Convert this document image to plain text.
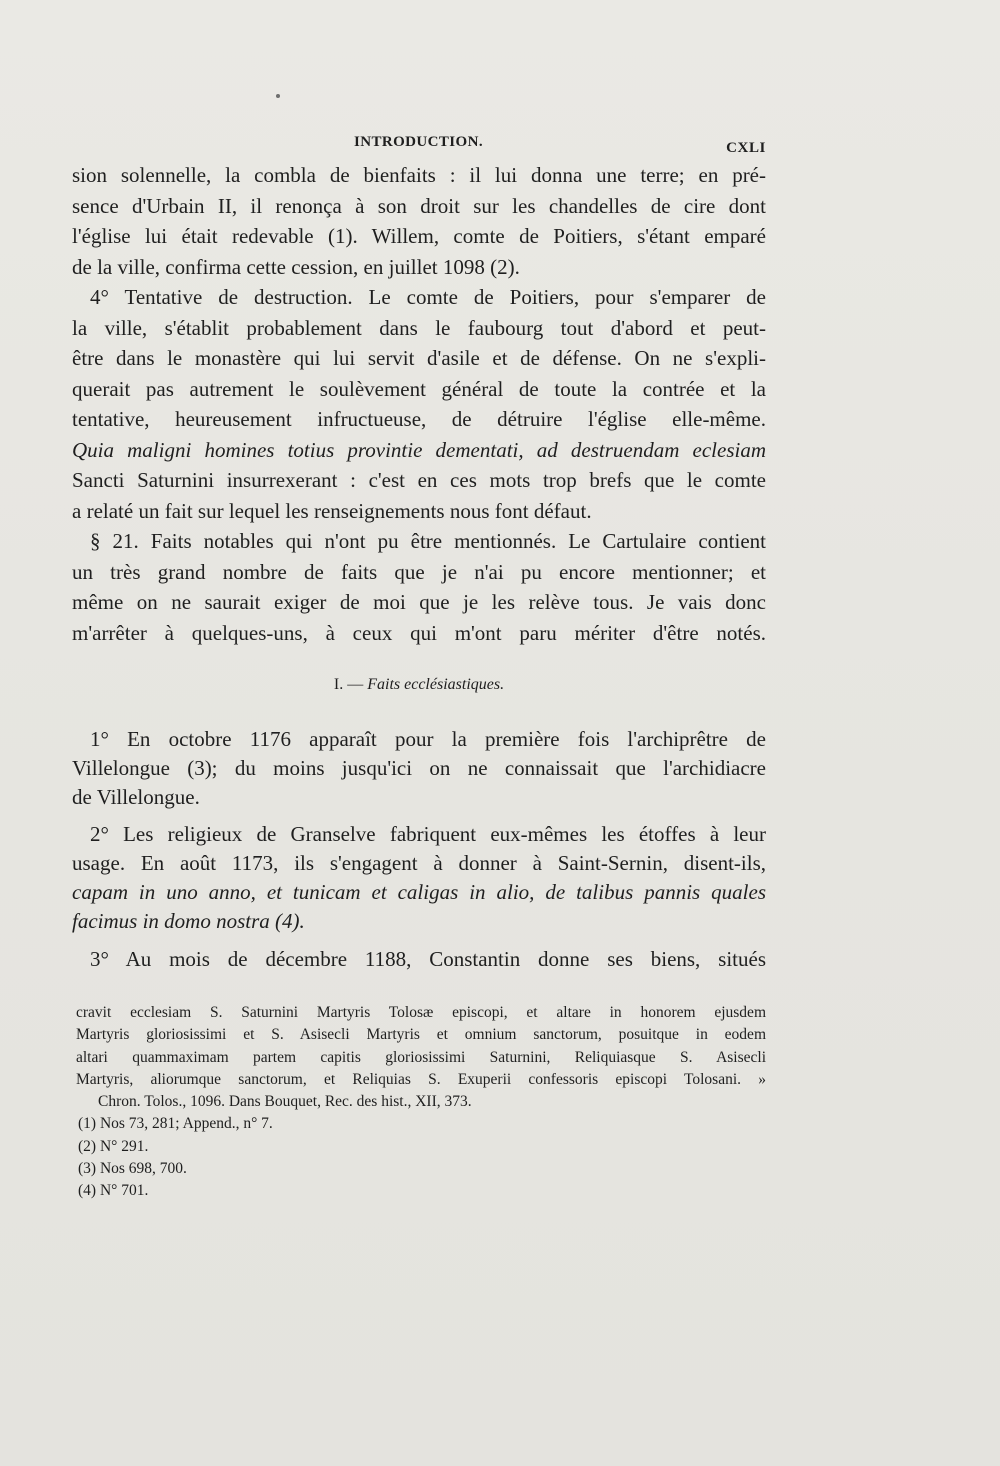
INTRODUCTION.	CXLI
sion solennelle, la combla de bienfaits : il lui donna une terre; en pré-
sence d'Urbain II, il renonça à son droit sur les chandelles de cire dont
l'église lui était redevable (1). Willem, comte de Poitiers, s'étant emparé
de la ville, confirma cette cession, en juillet 1098 (2).
4° Tentative de destruction. Le comte de Poitiers, pour s'emparer de
la ville, s'établit probablement dans le faubourg tout d'abord et peut-
être dans le monastère qui lui servit d'asile et de défense. On ne s'expli-
querait pas autrement le soulèvement général de toute la contrée et la
tentative, heureusement infructueuse, de détruire l'église elle-même.
Quia maligni homines totius provintie dementati, ad destruendam eclesiam
Sancti Saturnini insurrexerant : c'est en ces mots trop brefs que le comte
a relaté un fait sur lequel les renseignements nous font défaut.
§ 21. Faits notables qui n'ont pu être mentionnés. Le Cartulaire contient
un très grand nombre de faits que je n'ai pu encore mentionner; et
même on ne saurait exiger de moi que je les relève tous. Je vais donc
m'arrêter à quelques-uns, à ceux qui m'ont paru mériter d'être notés.
I. — Faits ecclésiastiques.
1° En octobre 1176 apparaît pour la première fois l'archiprêtre de
Villelongue (3); du moins jusqu'ici on ne connaissait que l'archidiacre
de Villelongue.
2° Les religieux de Granselve fabriquent eux-mêmes les étoffes à leur
usage. En août 1173, ils s'engagent à donner à Saint-Sernin, disent-ils,
capam in uno anno, et tunicam et caligas in alio, de talibus pannis quales
facimus in domo nostra (4).
3° Au mois de décembre 1188, Constantin donne ses biens, situés
cravit ecclesiam S. Saturnini Martyris Tolosæ episcopi, et altare in honorem ejusdem
Martyris gloriosissimi et S. Asisecli Martyris et omnium sanctorum, posuitque in eodem
altari quammaximam partem capitis gloriosissimi Saturnini, Reliquiasque S. Asisecli
Martyris, aliorumque sanctorum, et Reliquias S. Exuperii confessoris episcopi Tolosani. »
Chron. Tolos., 1096. Dans Bouquet, Rec. des hist., XII, 373.
(1) Nos 73, 281; Append., n° 7.
(2) N° 291.
(3) Nos 698, 700.
(4) N° 701.
